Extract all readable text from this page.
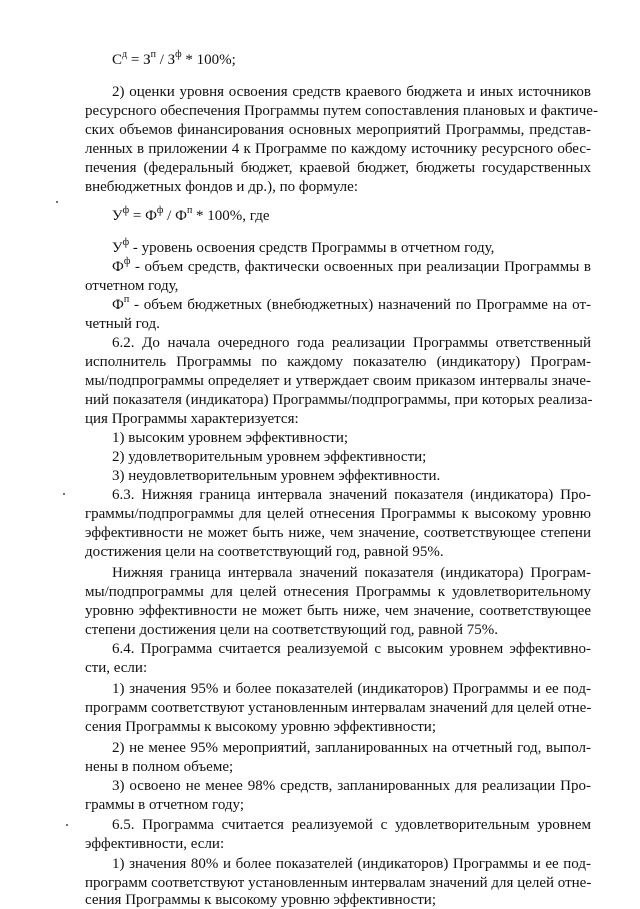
$С^д = З^п / З^ф * 100\%$;
2) оценки уровня освоения средств краевого бюджета и иных источников
ресурсного обеспечения Программы путем сопоставления плановых и фактиче-
ских объемов финансирования основных мероприятий Программы, представ-
ленных в приложении 4 к Программе по каждому источнику ресурсного обес-
печения (федеральный бюджет, краевой бюджет, бюджеты государственных
внебюджетных фондов и др.), по формуле:
$У^ф = Ф^ф / Ф^п * 100\%$, где
$У^ф$ - уровень освоения средств Программы в отчетном году,
$Ф^ф$ - объем средств, фактически освоенных при реализации Программы в
отчетном году,
$Ф^п$ - объем бюджетных (внебюджетных) назначений по Программе на от-
четный год.
6.2. До начала очередного года реализации Программы ответственный
исполнитель Программы по каждому показателю (индикатору) Програм-
мы/подпрограммы определяет и утверждает своим приказом интервалы значе-
ний показателя (индикатора) Программы/подпрограммы, при которых реализа-
ция Программы характеризуется:
1) высоким уровнем эффективности;
2) удовлетворительным уровнем эффективности;
3) неудовлетворительным уровнем эффективности.
6.3. Нижняя граница интервала значений показателя (индикатора) Про-
граммы/подпрограммы для целей отнесения Программы к высокому уровню
эффективности не может быть ниже, чем значение, соответствующее степени
достижения цели на соответствующий год, равной 95%.
Нижняя граница интервала значений показателя (индикатора) Програм-
мы/подпрограммы для целей отнесения Программы к удовлетворительному
уровню эффективности не может быть ниже, чем значение, соответствующее
степени достижения цели на соответствующий год, равной 75%.
6.4. Программа считается реализуемой с высоким уровнем эффективно-
сти, если:
1) значения 95% и более показателей (индикаторов) Программы и ее под-
программ соответствуют установленным интервалам значений для целей отне-
сения Программы к высокому уровню эффективности;
2) не менее 95% мероприятий, запланированных на отчетный год, выпол-
нены в полном объеме;
3) освоено не менее 98% средств, запланированных для реализации Про-
граммы в отчетном году;
6.5. Программа считается реализуемой с удовлетворительным уровнем
эффективности, если:
1) значения 80% и более показателей (индикаторов) Программы и ее под-
программ соответствуют установленным интервалам значений для целей отне-
сения Программы к высокому уровню эффективности;
